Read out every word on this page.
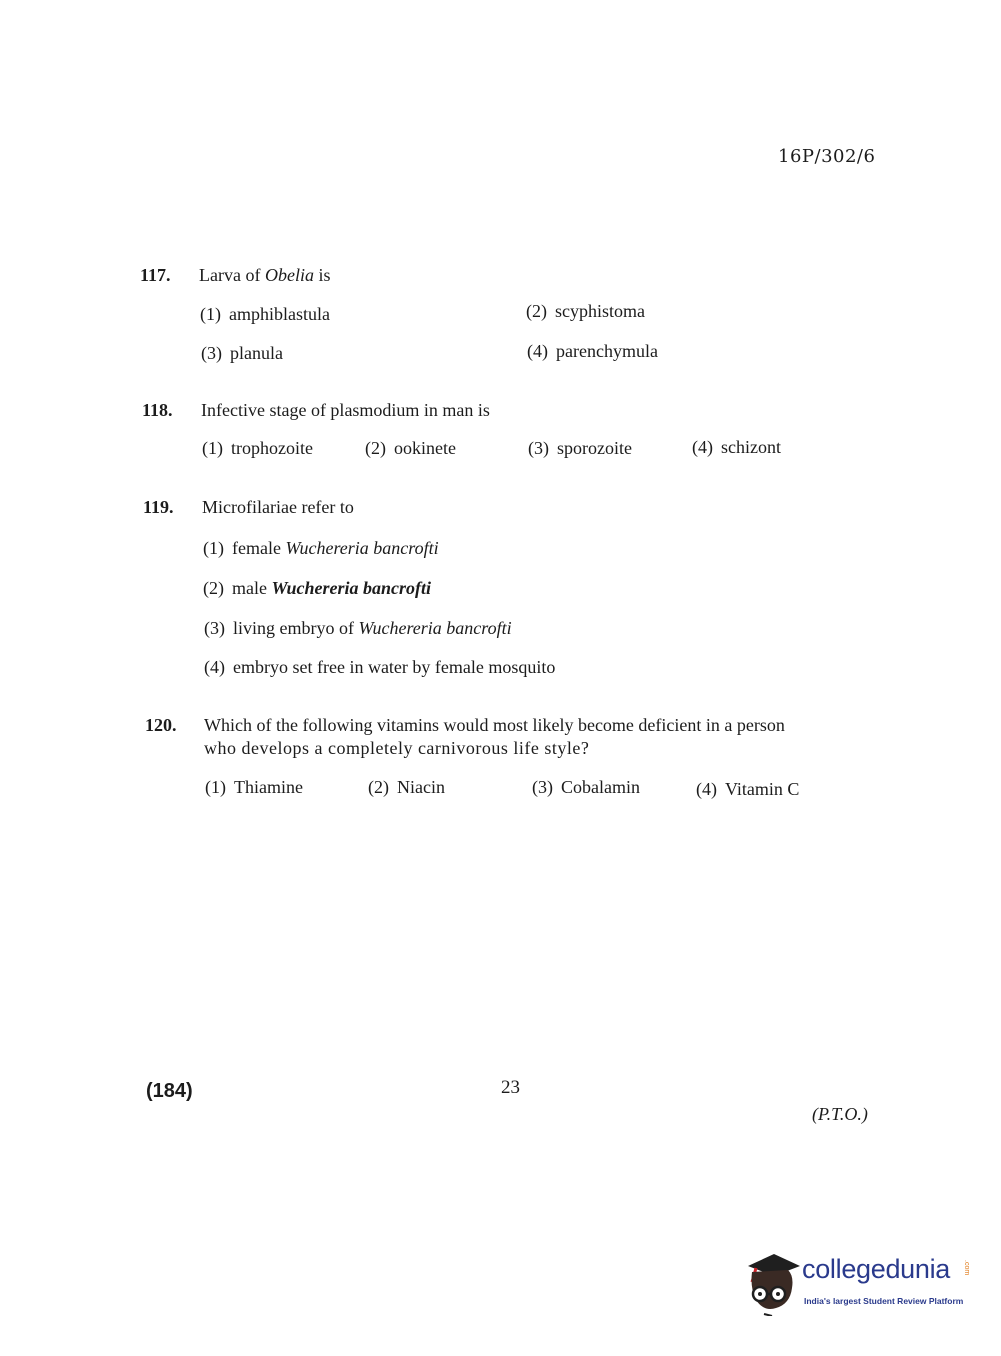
16P/302/6
117. Larva of Obelia is
(1) amphiblastula	(2) scyphistoma
(3) planula	(4) parenchymula
118. Infective stage of plasmodium in man is
(1) trophozoite	(2) ookinete	(3) sporozoite	(4) schizont
119. Microfilariae refer to
(1) female Wuchereria bancrofti
(2) male Wuchereria bancrofti
(3) living embryo of Wuchereria bancrofti
(4) embryo set free in water by female mosquito
120. Which of the following vitamins would most likely become deficient in a person
who develops a completely carnivorous life style?
(1) Thiamine	(2) Niacin	(3) Cobalamin	(4) Vitamin C
(184)	23
(P.T.O.)
collegedunia .com
India's largest Student Review Platform
